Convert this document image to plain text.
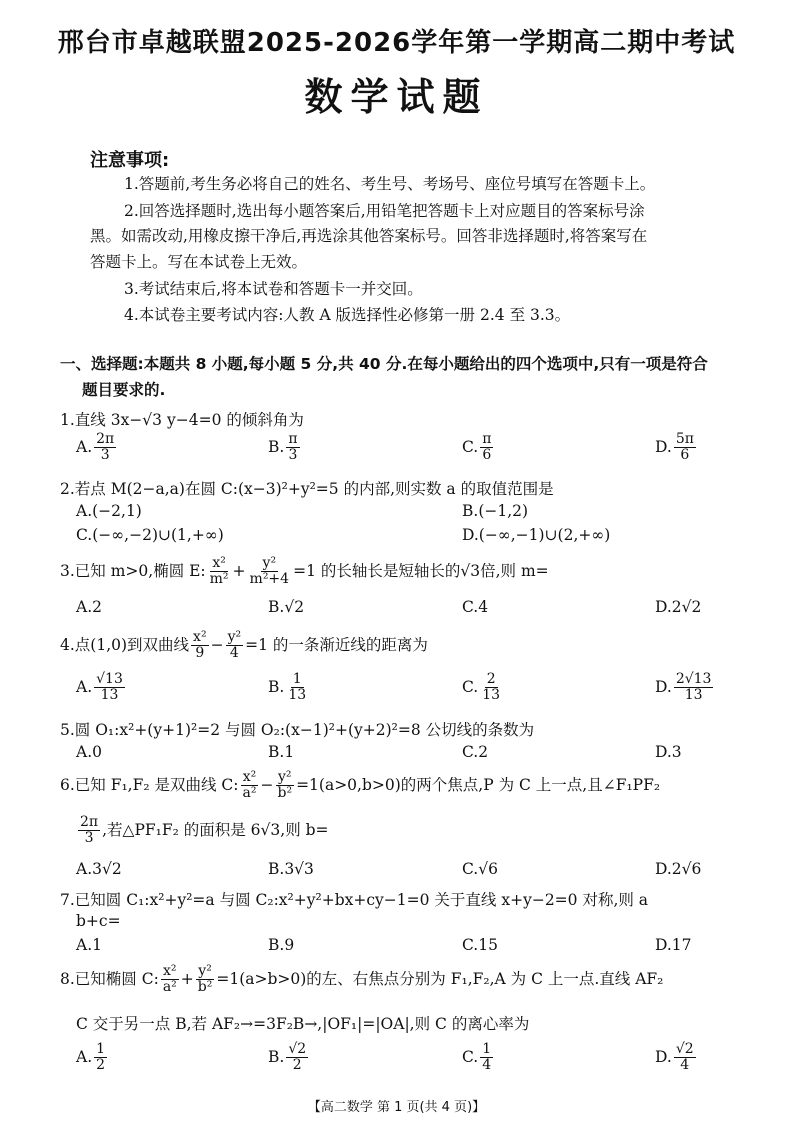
邢台市卓越联盟2025-2026学年第一学期高二期中考试
数学试题
注意事项:
1.答题前,考生务必将自己的姓名、考生号、考场号、座位号填写在答题卡上。
2.回答选择题时,选出每小题答案后,用铅笔把答题卡上对应题目的答案标号涂
黑。如需改动,用橡皮擦干净后,再选涂其他答案标号。回答非选择题时,将答案写在
答题卡上。写在本试卷上无效。
3.考试结束后,将本试卷和答题卡一并交回。
4.本试卷主要考试内容:人教 A 版选择性必修第一册 2.4 至 3.3。
一、选择题:本题共 8 小题,每小题 5 分,共 40 分.在每小题给出的四个选项中,只有一项是符合
题目要求的.
1.直线 3x−√3 y−4=0 的倾斜角为
A. $\frac{2\pi}{3}$	B. $\frac{\pi}{3}$	C. $\frac{\pi}{6}$	D. $\frac{5\pi}{6}$
2.若点 M(2−a,a)在圆 C:(x−3)²+y²=5 的内部,则实数 a 的取值范围是
A.(−2,1)	B.(−1,2)
C.(−∞,−2)∪(1,+∞)	D.(−∞,−1)∪(2,+∞)
3.已知 m>0,椭圆 E: $\frac{\text{x²}}{\text{m²}} + \frac{\text{y²}}{\text{m²+4}} =1$ 的长轴长是短轴长的√3倍,则 m=
A.2	B.√2	C.4	D.2√2
4.点(1,0)到双曲线 $\frac{\text{x²}}{9} - \frac{\text{y²}}{4} =1$ 的一条渐近线的距离为
A. $\frac{√13}{13}$	B. $\frac{1}{13}$	C. $\frac{2}{13}$	D. $\frac{2√13}{13}$
5.圆 O₁:x²+(y+1)²=2 与圆 O₂:(x−1)²+(y+2)²=8 公切线的条数为
A.0	B.1	C.2	D.3
6.已知 F₁,F₂ 是双曲线 C: $\frac{\text{x²}}{\text{a²}} - \frac{\text{y²}}{\text{b²}} =1(a>0,b>0)$的两个焦点,P 为 C 上一点,且∠F₁PF₂
$\frac{2\pi}{3}$ ,若△PF₁F₂ 的面积是 6√3,则 b=
A.3√2	B.3√3	C.√6	D.2√6
7.已知圆 C₁:x²+y²=a 与圆 C₂:x²+y²+bx+cy−1=0 关于直线 x+y−2=0 对称,则 a
b+c=
A.1	B.9	C.15	D.17
8.已知椭圆 C: $\frac{\text{x²}}{\text{a²}} + \frac{\text{y²}}{\text{b²}} =1(a>b>0)$的左、右焦点分别为 F₁,F₂,A 为 C 上一点.直线 AF₂
C 交于另一点 B,若 AF₂→=3F₂B→,|OF₁|=|OA|,则 C 的离心率为
A. $\frac{1}{2}$	B. $\frac{√2}{2}$	C. $\frac{1}{4}$	D. $\frac{√2}{4}$
【高二数学 第 1 页(共 4 页)】
